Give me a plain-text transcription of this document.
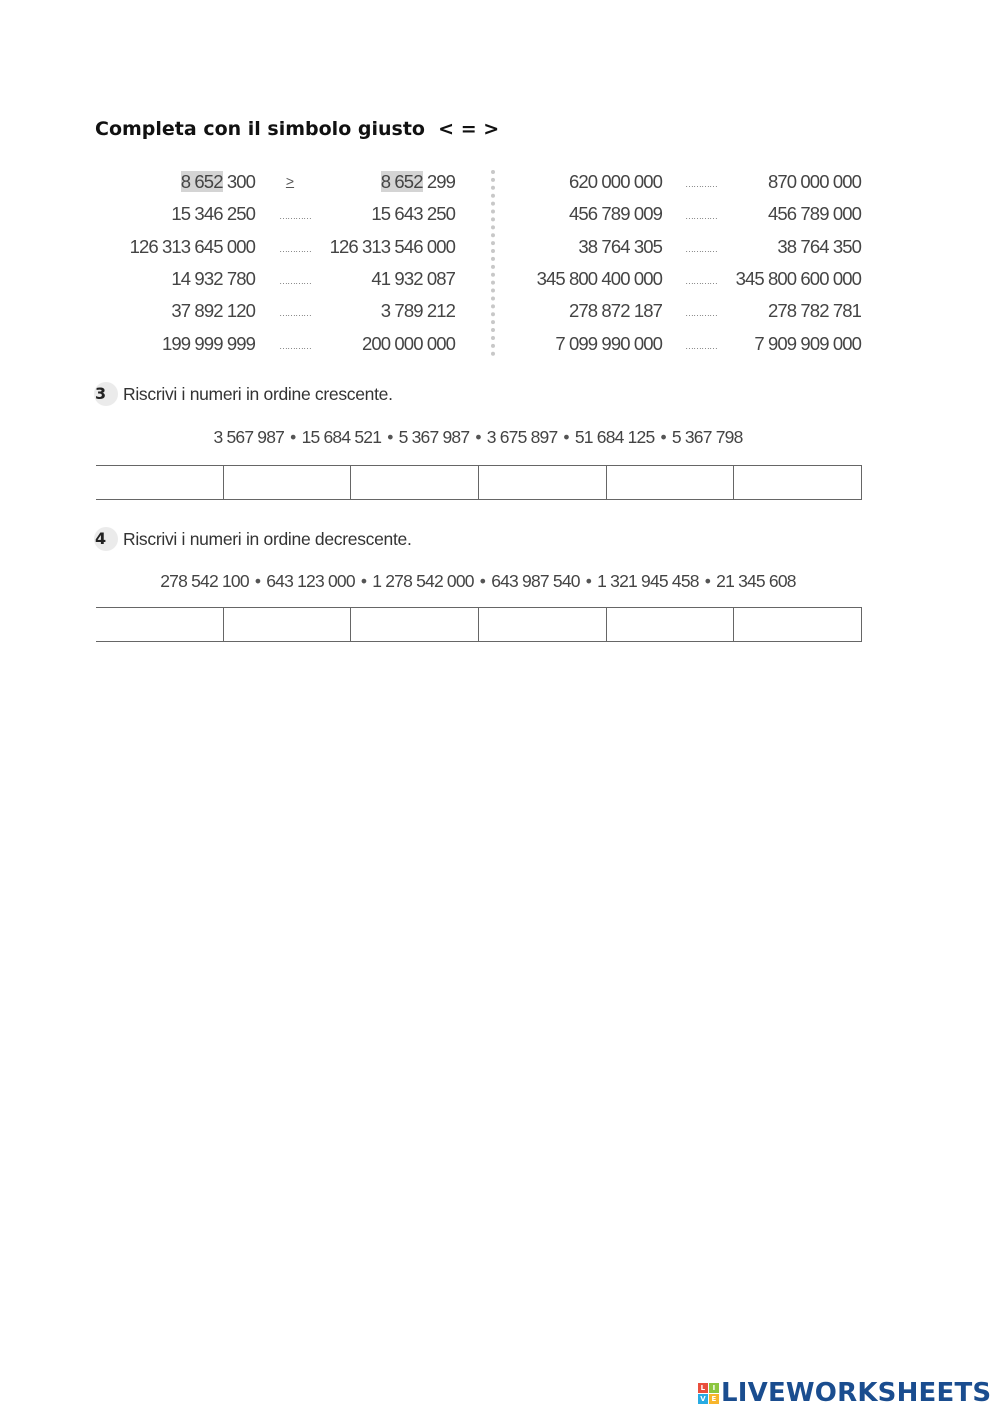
Completa con il simbolo giusto  < = >
8 652 300	>	8 652 299
15 346 250	…………	15 643 250
126 313 645 000	………… 126 313 546 000
14 932 780	…………	41 932 087
37 892 120	…………	3 789 212
199 999 999	…………	200 000 000
620 000 000	…………	870 000 000
456 789 009	…………	456 789 000
38 764 305	…………	38 764 350
345 800 400 000	………… 345 800 600 000
278 872 187	…………	278 782 781
7 099 990 000	………… 7 909 909 000
3 Riscrivi i numeri in ordine crescente.
3 567 987 • 15 684 521 • 5 367 987 • 3 675 897 • 51 684 125 • 5 367 798
4 Riscrivi i numeri in ordine decrescente.
278 542 100 • 643 123 000 • 1 278 542 000 • 643 987 540 • 1 321 945 458 • 21 345 608
L	I
V E LIVEWORKSHEETS
